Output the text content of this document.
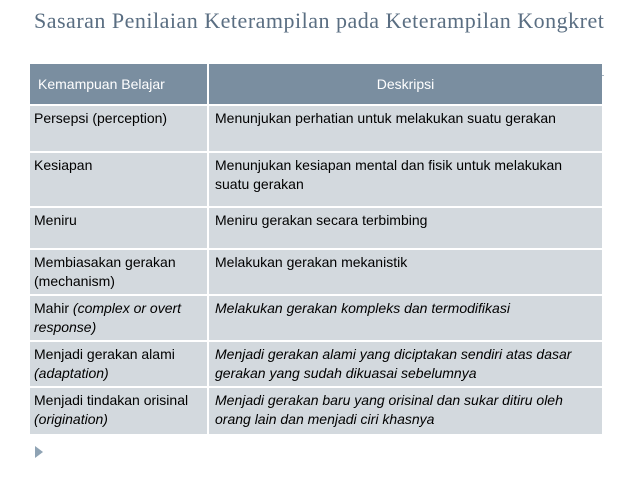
Sasaran Penilaian Keterampilan pada Keterampilan Kongkret
Kemampuan Belajar	Deskripsi
Persepsi (perception)	Menunjukan perhatian untuk melakukan suatu gerakan
Kesiapan	Menunjukan kesiapan mental dan fisik untuk melakukan suatu gerakan
Meniru	Meniru gerakan secara terbimbing
Membiasakan gerakan (mechanism)	Melakukan gerakan mekanistik
Mahir (complex or overt response)	Melakukan gerakan kompleks dan termodifikasi
Menjadi gerakan alami (adaptation)	Menjadi gerakan alami yang diciptakan sendiri atas dasar gerakan yang sudah dikuasai sebelumnya
Menjadi tindakan orisinal (origination)	Menjadi gerakan baru yang orisinal dan sukar ditiru oleh orang lain dan menjadi ciri khasnya
